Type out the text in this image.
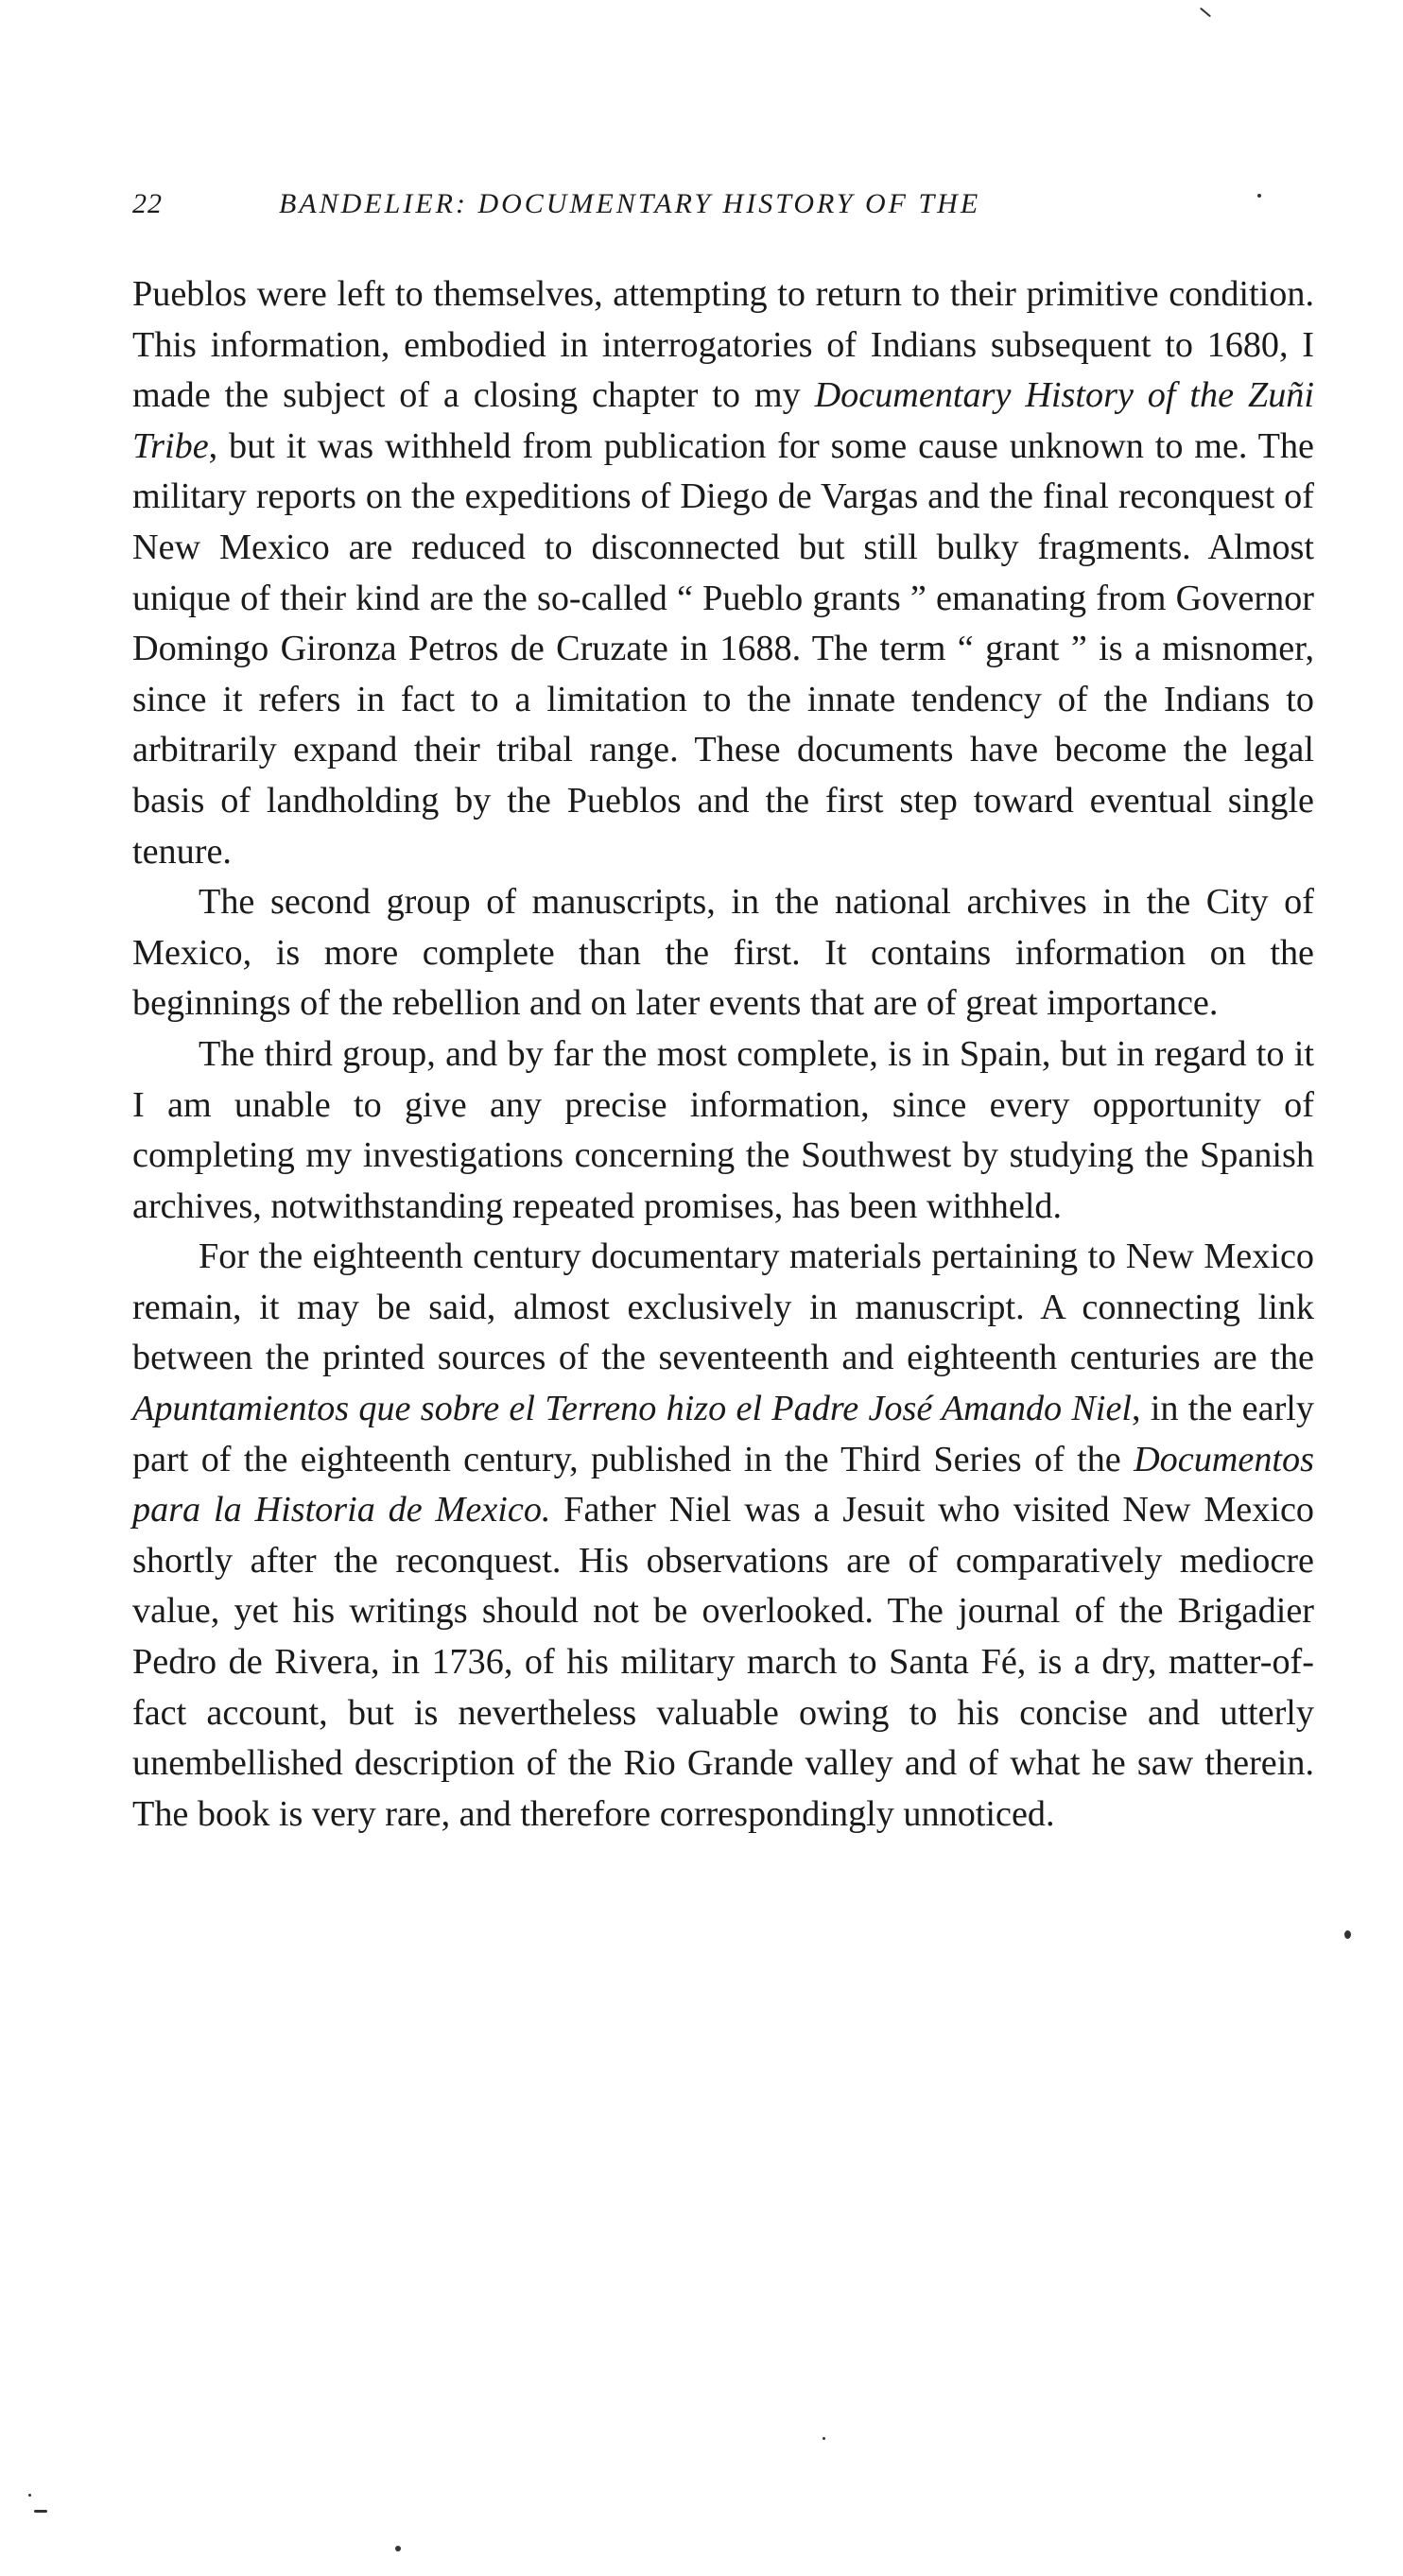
22	BANDELIER: DOCUMENTARY HISTORY OF THE

Pueblos were left to themselves, attempting to return to their primitive condition. This information, embodied in interrogatories of Indians subsequent to 1680, I made the subject of a closing chapter to my Documentary History of the Zuñi Tribe, but it was withheld from publication for some cause unknown to me. The military reports on the expeditions of Diego de Vargas and the final reconquest of New Mexico are reduced to disconnected but still bulky fragments. Almost unique of their kind are the so-called “ Pueblo grants ” emanating from Governor Domingo Gironza Petros de Cruzate in 1688. The term “ grant ” is a misnomer, since it refers in fact to a limitation to the innate tendency of the Indians to arbitrarily expand their tribal range. These documents have become the legal basis of landholding by the Pueblos and the first step toward eventual single tenure.

The second group of manuscripts, in the national archives in the City of Mexico, is more complete than the first. It contains information on the beginnings of the rebellion and on later events that are of great importance.

The third group, and by far the most complete, is in Spain, but in regard to it I am unable to give any precise information, since every opportunity of completing my investigations concerning the Southwest by studying the Spanish archives, notwithstanding repeated promises, has been withheld.

For the eighteenth century documentary materials pertaining to New Mexico remain, it may be said, almost exclusively in manuscript. A connecting link between the printed sources of the seventeenth and eighteenth centuries are the Apuntamientos que sobre el Terreno hizo el Padre José Amando Niel, in the early part of the eighteenth century, published in the Third Series of the Documentos para la Historia de Mexico. Father Niel was a Jesuit who visited New Mexico shortly after the reconquest. His observations are of comparatively mediocre value, yet his writings should not be overlooked. The journal of the Brigadier Pedro de Rivera, in 1736, of his military march to Santa Fé, is a dry, matter-of-fact account, but is nevertheless valuable owing to his concise and utterly unembellished description of the Rio Grande valley and of what he saw therein. The book is very rare, and therefore correspondingly unnoticed.
